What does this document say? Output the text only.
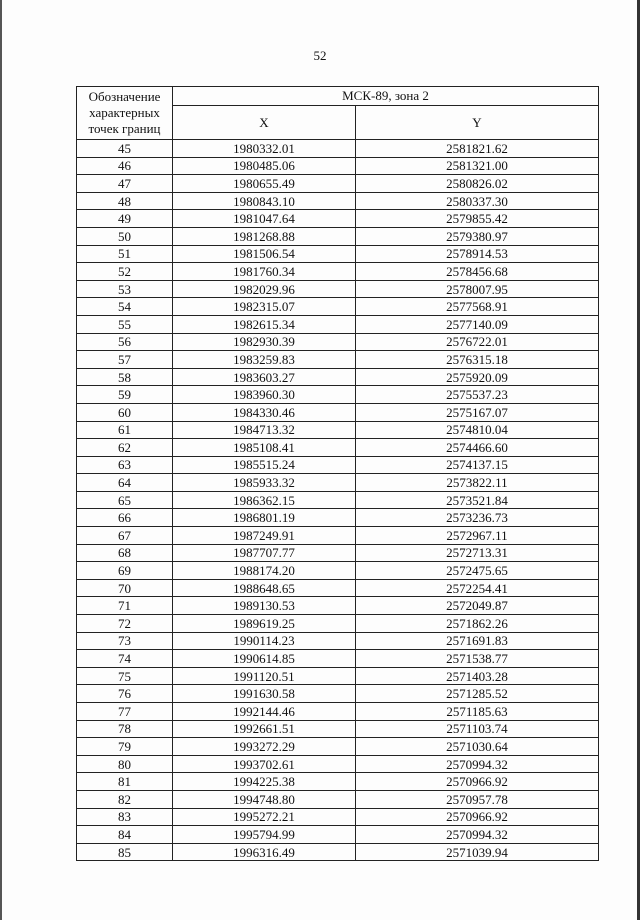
52
Обозначение
характерных
точек границ	МСК-89, зона 2	
	X	Y
45	1980332.01	2581821.62
46	1980485.06	2581321.00
47	1980655.49	2580826.02
48	1980843.10	2580337.30
49	1981047.64	2579855.42
50	1981268.88	2579380.97
51	1981506.54	2578914.53
52	1981760.34	2578456.68
53	1982029.96	2578007.95
54	1982315.07	2577568.91
55	1982615.34	2577140.09
56	1982930.39	2576722.01
57	1983259.83	2576315.18
58	1983603.27	2575920.09
59	1983960.30	2575537.23
60	1984330.46	2575167.07
61	1984713.32	2574810.04
62	1985108.41	2574466.60
63	1985515.24	2574137.15
64	1985933.32	2573822.11
65	1986362.15	2573521.84
66	1986801.19	2573236.73
67	1987249.91	2572967.11
68	1987707.77	2572713.31
69	1988174.20	2572475.65
70	1988648.65	2572254.41
71	1989130.53	2572049.87
72	1989619.25	2571862.26
73	1990114.23	2571691.83
74	1990614.85	2571538.77
75	1991120.51	2571403.28
76	1991630.58	2571285.52
77	1992144.46	2571185.63
78	1992661.51	2571103.74
79	1993272.29	2571030.64
80	1993702.61	2570994.32
81	1994225.38	2570966.92
82	1994748.80	2570957.78
83	1995272.21	2570966.92
84	1995794.99	2570994.32
85	1996316.49	2571039.94
